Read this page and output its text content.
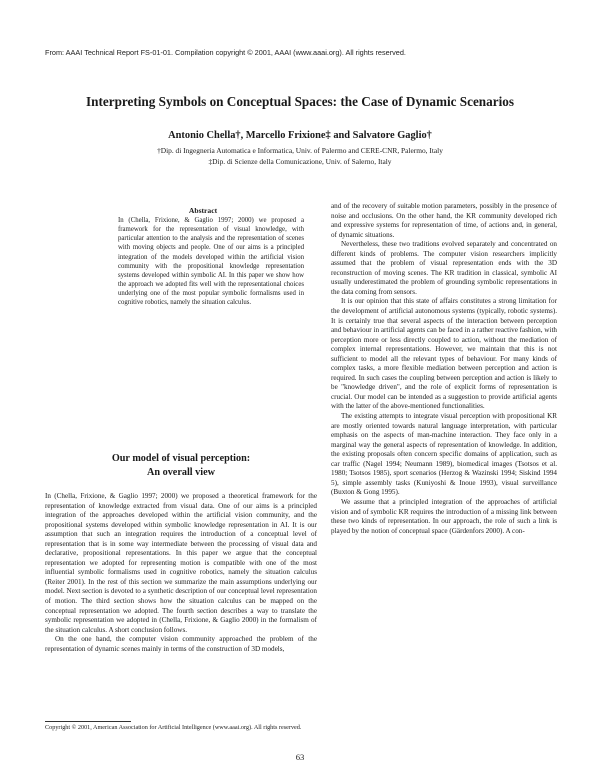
From: AAAI Technical Report FS-01-01. Compilation copyright © 2001, AAAI (www.aaai.org). All rights reserved.
Interpreting Symbols on Conceptual Spaces: the Case of Dynamic Scenarios
Antonio Chella†, Marcello Frixione‡ and Salvatore Gaglio†
†Dip. di Ingegneria Automatica e Informatica, Univ. of Palermo and CERE-CNR, Palermo, Italy
‡Dip. di Scienze della Comunicazione, Univ. of Salerno, Italy
Abstract
In (Chella, Frixione, & Gaglio 1997; 2000) we proposed a framework for the representation of visual knowledge, with particular attention to the analysis and the representation of scenes with moving objects and people. One of our aims is a principled integration of the models developed within the artificial vision community with the propositional knowledge representation systems developed within symbolic AI. In this paper we show how the approach we adopted fits well with the representational choices underlying one of the most popular symbolic formalisms used in cognitive robotics, namely the situation calculus.
Our model of visual perception:
An overall view

In (Chella, Frixione, & Gaglio 1997; 2000) we proposed a theoretical framework for the representation of knowledge extracted from visual data. One of our aims is a principled integration of the approaches developed within the artificial vision community, and the propositional systems developed within symbolic knowledge representation in AI. It is our assumption that such an integration requires the introduction of a conceptual level of representation that is in some way intermediate between the processing of visual data and declarative, propositional representations. In this paper we argue that the conceptual representation we adopted for representing motion is compatible with one of the most influential symbolic formalisms used in cognitive robotics, namely the situation calculus (Reiter 2001). In the rest of this section we summarize the main assumptions underlying our model. Next section is devoted to a synthetic description of our conceptual level representation of motion. The third section shows how the situation calculus can be mapped on the conceptual representation we adopted. The fourth section describes a way to translate the symbolic representation we adopted in (Chella, Frixione, & Gaglio 2000) in the formalism of the situation calculus. A short conclusion follows.

On the one hand, the computer vision community approached the problem of the representation of dynamic scenes mainly in terms of the construction of 3D models,

and of the recovery of suitable motion parameters, possibly in the presence of noise and occlusions. On the other hand, the KR community developed rich and expressive systems for representation of time, of actions and, in general, of dynamic situations.

Nevertheless, these two traditions evolved separately and concentrated on different kinds of problems. The computer vision researchers implicitly assumed that the problem of visual representation ends with the 3D reconstruction of moving scenes. The KR tradition in classical, symbolic AI usually underestimated the problem of grounding symbolic representations in the data coming from sensors.

It is our opinion that this state of affairs constitutes a strong limitation for the development of artificial autonomous systems (typically, robotic systems). It is certainly true that several aspects of the interaction between perception and behaviour in artificial agents can be faced in a rather reactive fashion, with perception more or less directly coupled to action, without the mediation of complex internal representations. However, we maintain that this is not sufficient to model all the relevant types of behaviour. For many kinds of complex tasks, a more flexible mediation between perception and action is required. In such cases the coupling between perception and action is likely to be "knowledge driven", and the role of explicit forms of representation is crucial. Our model can be intended as a suggestion to provide artificial agents with the latter of the above-mentioned functionalities.

The existing attempts to integrate visual perception with propositional KR are mostly oriented towards natural language interpretation, with particular emphasis on the aspects of man-machine interaction. They face only in a marginal way the general aspects of representation of knowledge. In addition, the existing proposals often concern specific domains of application, such as car traffic (Nagel 1994; Neumann 1989), biomedical images (Tsotsos et al. 1980; Tsotsos 1985), sport scenarios (Herzog & Wazinski 1994; Siskind 1994 5), simple assembly tasks (Kuniyoshi & Inoue 1993), visual surveillance (Buxton & Gong 1995).

We assume that a principled integration of the approaches of artificial vision and of symbolic KR requires the introduction of a missing link between these two kinds of representation. In our approach, the role of such a link is played by the notion of conceptual space (Gärdenfors 2000). A con-

Copyright © 2001, American Association for Artificial Intelligence (www.aaai.org). All rights reserved.
63
